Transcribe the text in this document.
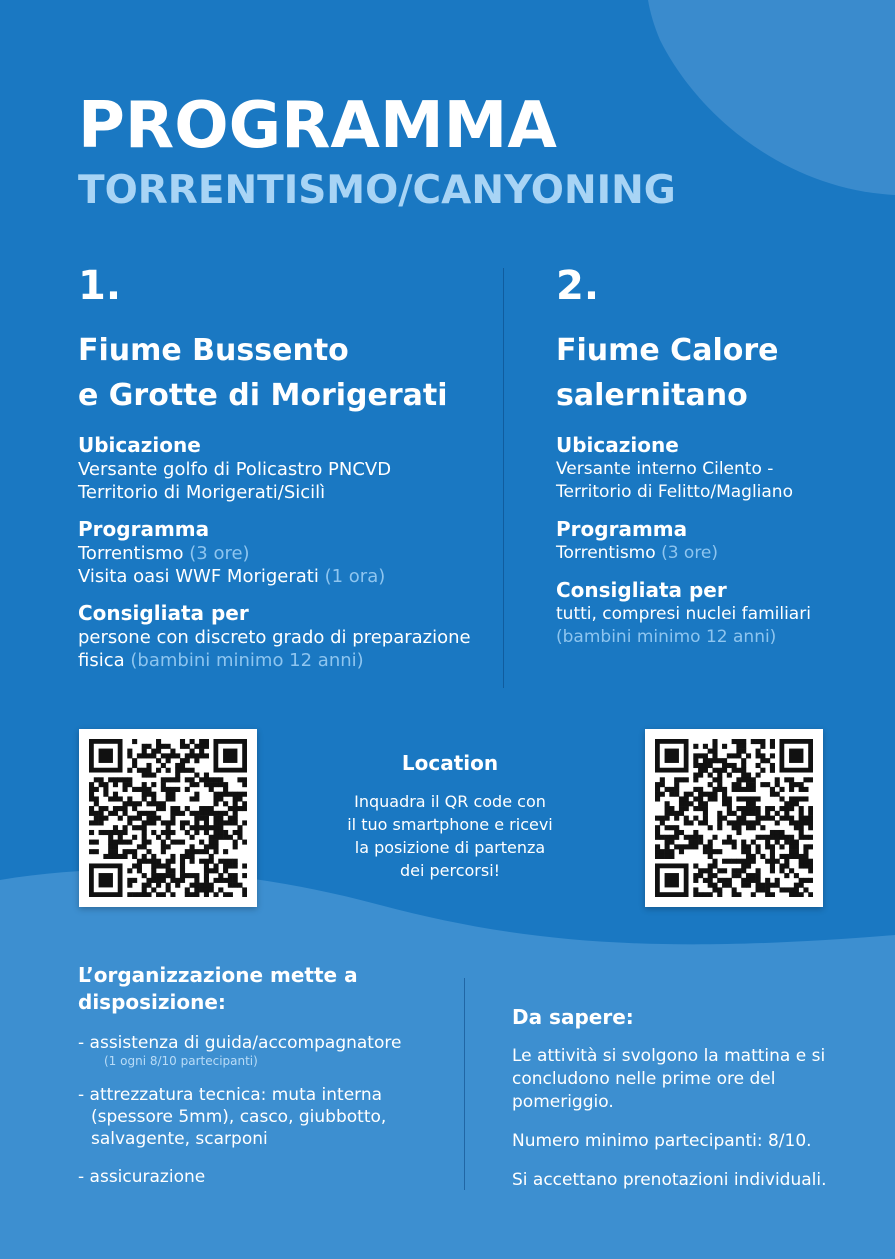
PROGRAMMA
TORRENTISMO/CANYONING
1.
Fiume Bussento
e Grotte di Morigerati
Ubicazione
Versante golfo di Policastro PNCVD
Territorio di Morigerati/Sicilì
Programma
Torrentismo (3 ore)
Visita oasi WWF Morigerati (1 ora)
Consigliata per
persone con discreto grado di preparazione
fisica (bambini minimo 12 anni)
2.
Fiume Calore
salernitano
Ubicazione
Versante interno Cilento -
Territorio di Felitto/Magliano
Programma
Torrentismo (3 ore)
Consigliata per
tutti, compresi nuclei familiari
(bambini minimo 12 anni)
Location
Inquadra il QR code con
il tuo smartphone e ricevi
la posizione di partenza
dei percorsi!
L’organizzazione mette a
disposizione:
- assistenza di guida/accompagnatore
(1 ogni 8/10 partecipanti)
- attrezzatura tecnica: muta interna
(spessore 5mm), casco, giubbotto,
salvagente, scarponi
- assicurazione
Da sapere:
Le attività si svolgono la mattina e si
concludono nelle prime ore del
pomeriggio.
Numero minimo partecipanti: 8/10.
Si accettano prenotazioni individuali.
